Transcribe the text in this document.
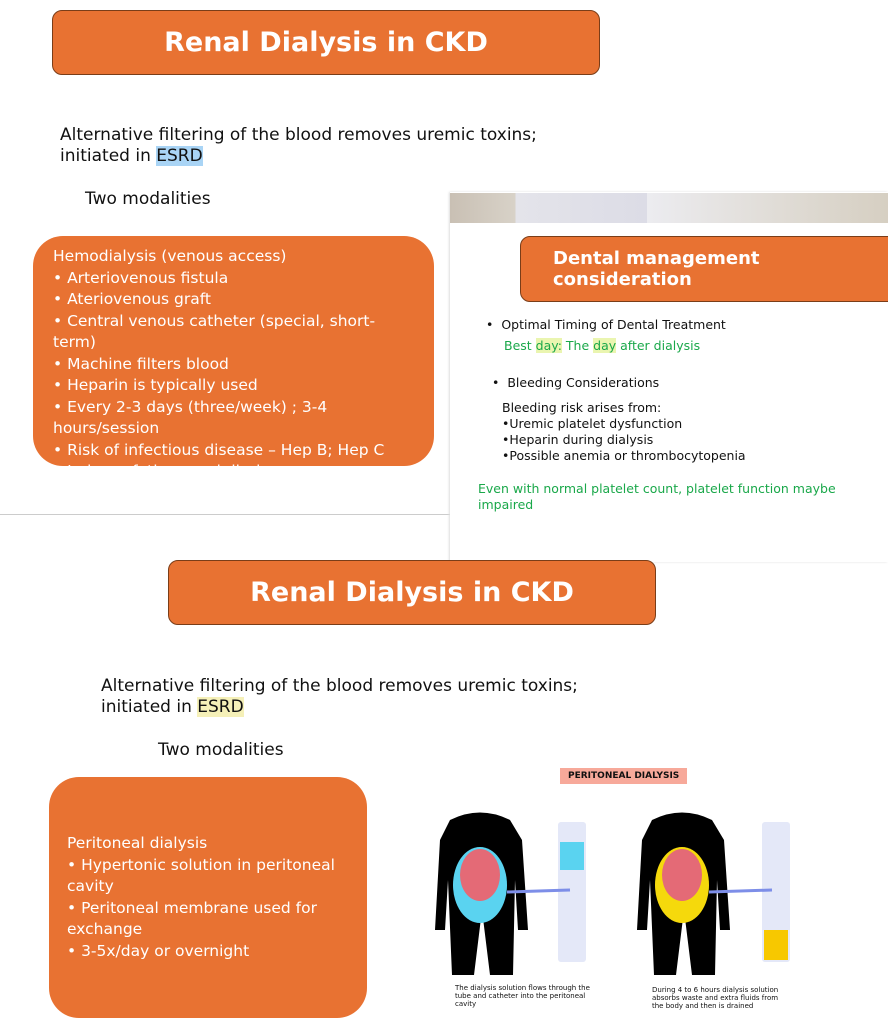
Renal Dialysis in CKD
Alternative filtering of the blood removes uremic toxins;
initiated in ESRD
Two modalities
Hemodialysis (venous access)
• Arteriovenous fistula
• Ateriovenous graft
• Central venous catheter (special, short-term)
• Machine filters blood
• Heparin is typically used
• Every 2-3 days (three/week) ; 3-4 hours/session
• Risk of infectious disease – Hep B; Hep C
• Induces fatigue and dizziness
Dental management consideration
•  Optimal Timing of Dental Treatment
Best day: The day after dialysis
•  Bleeding Considerations
Bleeding risk arises from:
•Uremic platelet dysfunction
•Heparin during dialysis
•Possible anemia or thrombocytopenia
Even with normal platelet count, platelet function maybe impaired
Renal Dialysis in CKD
Alternative filtering of the blood removes uremic toxins;
initiated in ESRD
Two modalities
Peritoneal dialysis
• Hypertonic solution in peritoneal cavity
• Peritoneal membrane used for exchange
• 3-5x/day or overnight
PERITONEAL DIALYSIS
The dialysis solution flows through the tube and catheter into the peritoneal cavity
During 4 to 6 hours dialysis solution absorbs waste and extra fluids from the body and then is drained
